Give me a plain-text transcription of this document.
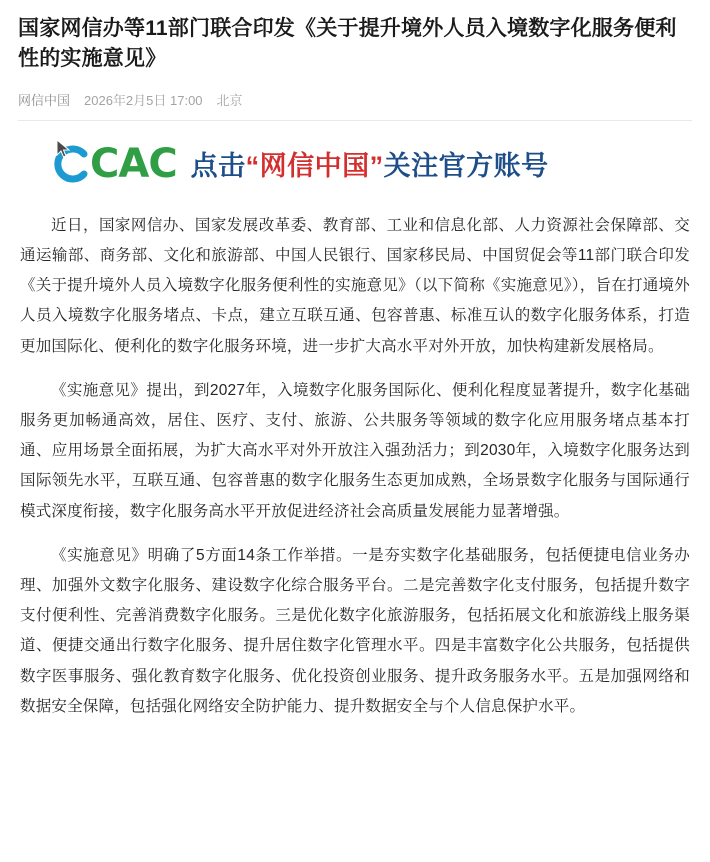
国家网信办等11部门联合印发《关于提升境外人员入境数字化服务便利性的实施意见》
网信中国 2026年2月5日 17:00 北京
CAC 点击“网信中国”关注官方账号

近日，国家网信办、国家发展改革委、教育部、工业和信息化部、人力资源社会保障部、交通运输部、商务部、文化和旅游部、中国人民银行、国家移民局、中国贸促会等11部门联合印发《关于提升境外人员入境数字化服务便利性的实施意见》（以下简称《实施意见》），旨在打通境外人员入境数字化服务堵点、卡点，建立互联互通、包容普惠、标准互认的数字化服务体系，打造更加国际化、便利化的数字化服务环境，进一步扩大高水平对外开放，加快构建新发展格局。

《实施意见》提出，到2027年，入境数字化服务国际化、便利化程度显著提升，数字化基础服务更加畅通高效，居住、医疗、支付、旅游、公共服务等领域的数字化应用服务堵点基本打通、应用场景全面拓展，为扩大高水平对外开放注入强劲活力；到2030年，入境数字化服务达到国际领先水平，互联互通、包容普惠的数字化服务生态更加成熟，全场景数字化服务与国际通行模式深度衔接，数字化服务高水平开放促进经济社会高质量发展能力显著增强。

《实施意见》明确了5方面14条工作举措。一是夯实数字化基础服务，包括便捷电信业务办理、加强外文数字化服务、建设数字化综合服务平台。二是完善数字化支付服务，包括提升数字支付便利性、完善消费数字化服务。三是优化数字化旅游服务，包括拓展文化和旅游线上服务渠道、便捷交通出行数字化服务、提升居住数字化管理水平。四是丰富数字化公共服务，包括提供数字医事服务、强化教育数字化服务、优化投资创业服务、提升政务服务水平。五是加强网络和数据安全保障，包括强化网络安全防护能力、提升数据安全与个人信息保护水平。
